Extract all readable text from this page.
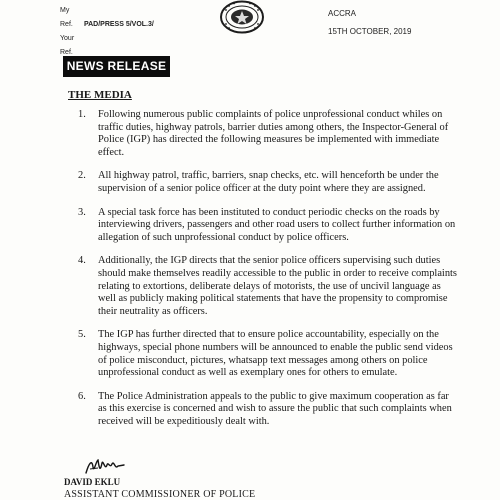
My Ref. PAD/PRESS 5/VOL.3/
Your Ref.
ACCRA
15TH OCTOBER, 2019
NEWS RELEASE
THE MEDIA
1.	Following numerous public complaints of police unprofessional conduct whiles on traffic duties, highway patrols, barrier duties among others, the Inspector-General of Police (IGP) has directed the following measures be implemented with immediate effect.
2.	All highway patrol, traffic, barriers, snap checks, etc. will henceforth be under the supervision of a senior police officer at the duty point where they are assigned.
3.	A special task force has been instituted to conduct periodic checks on the roads by interviewing drivers, passengers and other road users to collect further information on allegation of such unprofessional conduct by police officers.
4.	Additionally, the IGP directs that the senior police officers supervising such duties should make themselves readily accessible to the public in order to receive complaints relating to extortions, deliberate delays of motorists, the use of uncivil language as well as publicly making political statements that have the propensity to compromise their neutrality as officers.
5.	The IGP has further directed that to ensure police accountability, especially on the highways, special phone numbers will be announced to enable the public send videos of police misconduct, pictures, whatsapp text messages among others on police unprofessional conduct as well as exemplary ones for others to emulate.
6.	The Police Administration appeals to the public to give maximum cooperation as far as this exercise is concerned and wish to assure the public that such complaints when received will be expeditiously dealt with.
DAVID EKLU
ASSISTANT COMMISSIONER OF POLICE
